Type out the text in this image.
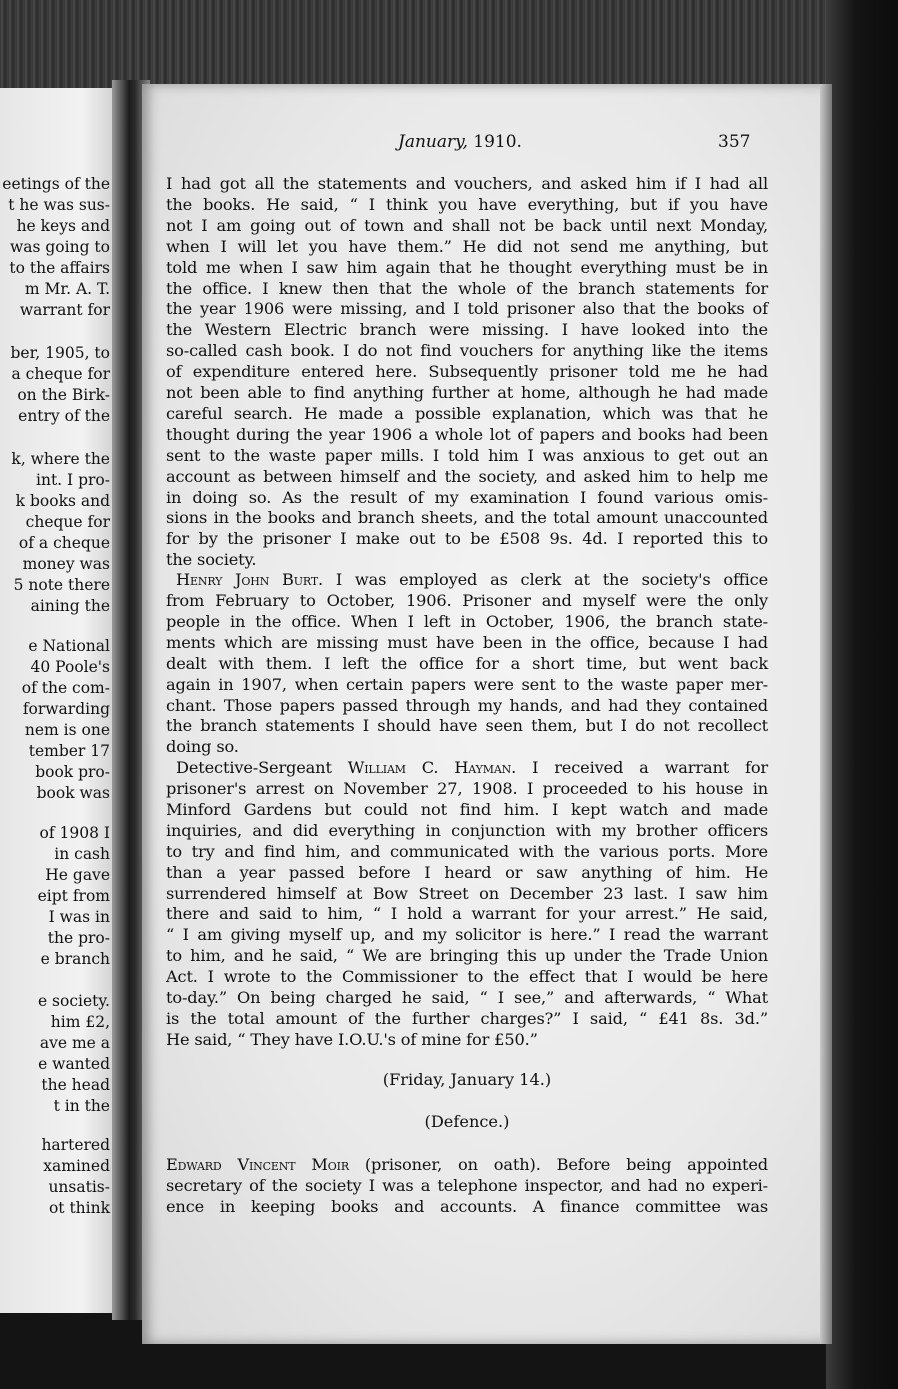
eetings of the
t he was sus-
he keys and
was going to
to the affairs
m Mr. A. T.
warrant for
ber, 1905, to
a cheque for
on the Birk-
entry of the
k, where the
int. I pro-
k books and
cheque for
of a cheque
money was
5 note there
aining the
e National
40 Poole's
of the com-
forwarding
nem is one
tember 17
book pro-
book was
of 1908 I
in cash
He gave
eipt from
I was in
the pro-
e branch
e society.
him £2,
ave me a
e wanted
the head
t in the
hartered
xamined
unsatis-
ot think
January, 1910.	357
Henry John Burt. I was employed as clerk at the society's office
Detective-Sergeant William C. Hayman. I received a warrant for
(Friday, January 14.)
(Defence.)
Edward Vincent Moir (prisoner, on oath). Before being appointed
I had got all the statements and vouchers, and asked him if I had all
the books. He said, “ I think you have everything, but if you have
not I am going out of town and shall not be back until next Monday,
when I will let you have them.” He did not send me anything, but
told me when I saw him again that he thought everything must be in
the office. I knew then that the whole of the branch statements for
the year 1906 were missing, and I told prisoner also that the books of
the Western Electric branch were missing. I have looked into the
so-called cash book. I do not find vouchers for anything like the items
of expenditure entered here. Subsequently prisoner told me he had
not been able to find anything further at home, although he had made
careful search. He made a possible explanation, which was that he
thought during the year 1906 a whole lot of papers and books had been
sent to the waste paper mills. I told him I was anxious to get out an
account as between himself and the society, and asked him to help me
in doing so. As the result of my examination I found various omis-
sions in the books and branch sheets, and the total amount unaccounted
for by the prisoner I make out to be £508 9s. 4d. I reported this to
the society.
from February to October, 1906. Prisoner and myself were the only
people in the office. When I left in October, 1906, the branch state-
ments which are missing must have been in the office, because I had
dealt with them. I left the office for a short time, but went back
again in 1907, when certain papers were sent to the waste paper mer-
chant. Those papers passed through my hands, and had they contained
the branch statements I should have seen them, but I do not recollect
doing so.
prisoner's arrest on November 27, 1908. I proceeded to his house in
Minford Gardens but could not find him. I kept watch and made
inquiries, and did everything in conjunction with my brother officers
to try and find him, and communicated with the various ports. More
than a year passed before I heard or saw anything of him. He
surrendered himself at Bow Street on December 23 last. I saw him
there and said to him, “ I hold a warrant for your arrest.” He said,
“ I am giving myself up, and my solicitor is here.” I read the warrant
to him, and he said, “ We are bringing this up under the Trade Union
Act. I wrote to the Commissioner to the effect that I would be here
to-day.” On being charged he said, “ I see,” and afterwards, “ What
is the total amount of the further charges?” I said, “ £41 8s. 3d.”
He said, “ They have I.O.U.'s of mine for £50.”
secretary of the society I was a telephone inspector, and had no experi-
ence in keeping books and accounts. A finance committee was
